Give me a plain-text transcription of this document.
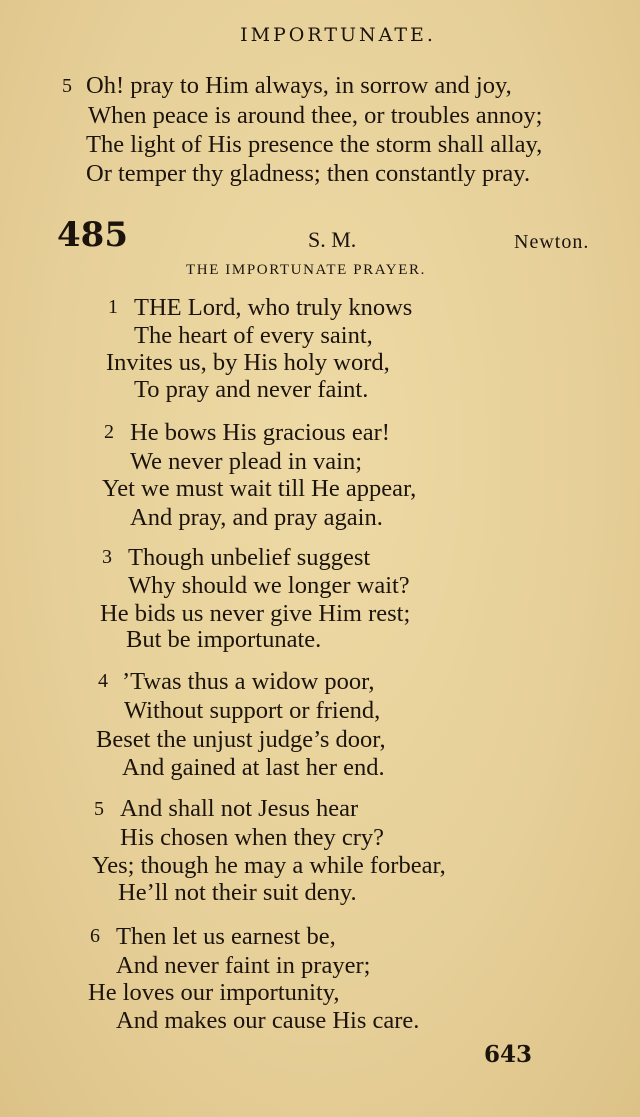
IMPORTUNATE.
5 Oh! pray to Him always, in sorrow and joy,
When peace is around thee, or troubles annoy;
The light of His presence the storm shall allay,
Or temper thy gladness; then constantly pray.
485	S. M.	Newton.
THE IMPORTUNATE PRAYER.
1 THE Lord, who truly knows
The heart of every saint,
Invites us, by His holy word,
To pray and never faint.
2 He bows His gracious ear!
We never plead in vain;
Yet we must wait till He appear,
And pray, and pray again.
3 Though unbelief suggest
Why should we longer wait?
He bids us never give Him rest;
But be importunate.
4 ’Twas thus a widow poor,
Without support or friend,
Beset the unjust judge’s door,
And gained at last her end.
5 And shall not Jesus hear
His chosen when they cry?
Yes; though he may a while forbear,
He’ll not their suit deny.
6 Then let us earnest be,
And never faint in prayer;
He loves our importunity,
And makes our cause His care.
643
